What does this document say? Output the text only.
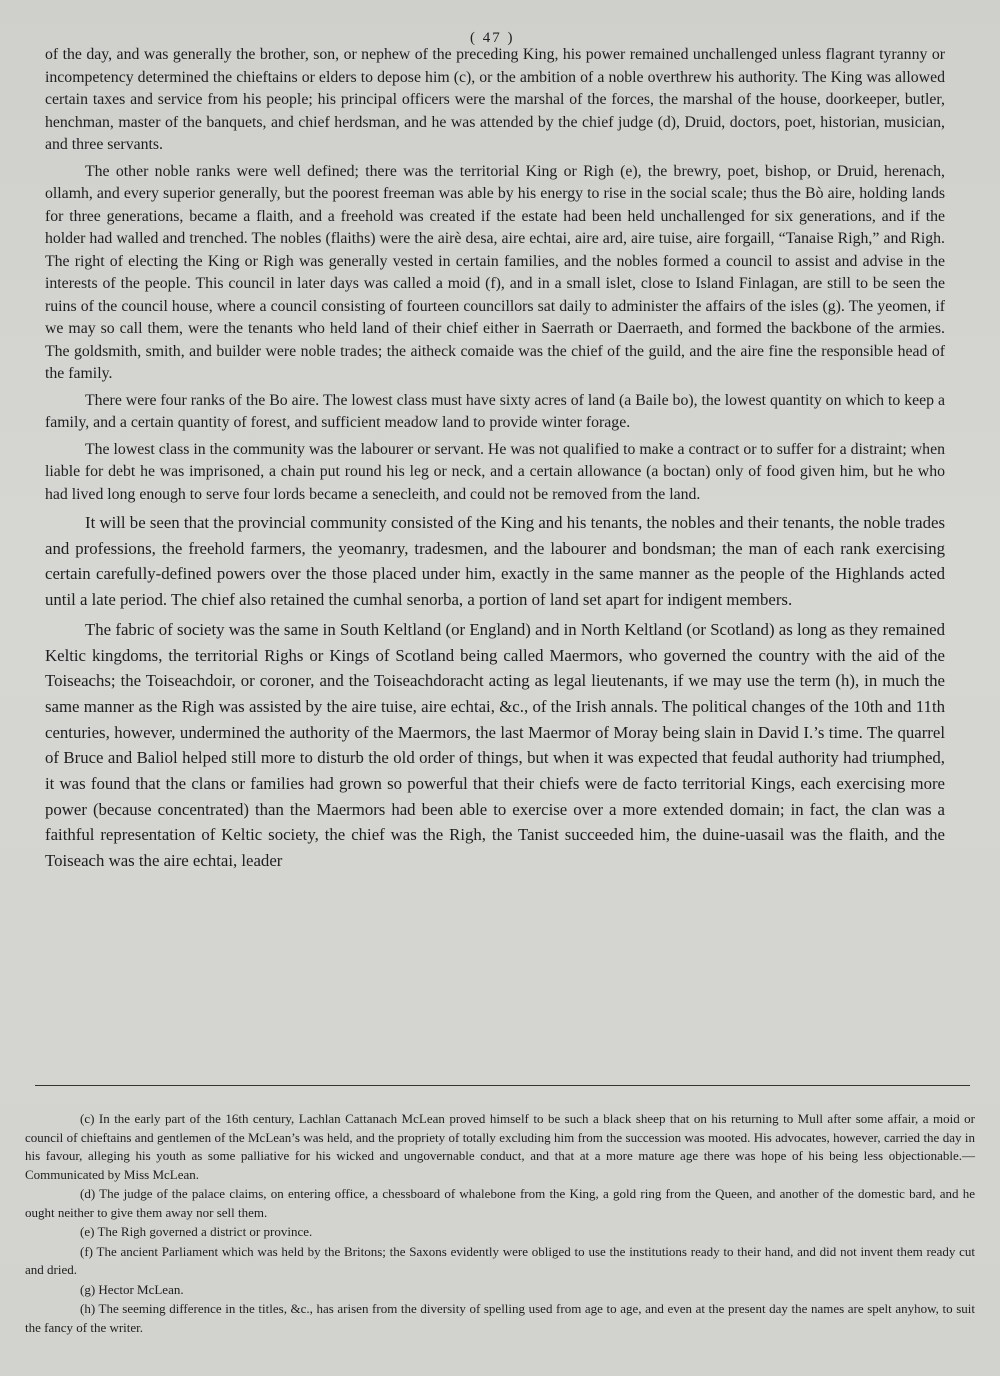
( 47 )

of the day, and was generally the brother, son, or nephew of the preceding King, his power remained unchallenged unless flagrant tyranny or incompetency determined the chieftains or elders to depose him (c), or the ambition of a noble overthrew his authority. The King was allowed certain taxes and service from his people; his principal officers were the marshal of the forces, the marshal of the house, doorkeeper, butler, henchman, master of the banquets, and chief herdsman, and he was attended by the chief judge (d), Druid, doctors, poet, historian, musician, and three servants.

The other noble ranks were well defined; there was the territorial King or Righ (e), the brewry, poet, bishop, or Druid, herenach, ollamh, and every superior generally, but the poorest freeman was able by his energy to rise in the social scale; thus the Bò aire, holding lands for three generations, became a flaith, and a freehold was created if the estate had been held unchallenged for six generations, and if the holder had walled and trenched. The nobles (flaiths) were the airè desa, aire echtai, aire ard, aire tuise, aire forgaill, “Tanaise Righ,” and Righ. The right of electing the King or Righ was generally vested in certain families, and the nobles formed a council to assist and advise in the interests of the people. This council in later days was called a moid (f), and in a small islet, close to Island Finlagan, are still to be seen the ruins of the council house, where a council consisting of fourteen councillors sat daily to administer the affairs of the isles (g). The yeomen, if we may so call them, were the tenants who held land of their chief either in Saerrath or Daerraeth, and formed the backbone of the armies. The goldsmith, smith, and builder were noble trades; the aitheck comaide was the chief of the guild, and the aire fine the responsible head of the family.

There were four ranks of the Bo aire. The lowest class must have sixty acres of land (a Baile bo), the lowest quantity on which to keep a family, and a certain quantity of forest, and sufficient meadow land to provide winter forage.

The lowest class in the community was the labourer or servant. He was not qualified to make a contract or to suffer for a distraint; when liable for debt he was imprisoned, a chain put round his leg or neck, and a certain allowance (a boctan) only of food given him, but he who had lived long enough to serve four lords became a senecleith, and could not be removed from the land.

It will be seen that the provincial community consisted of the King and his tenants, the nobles and their tenants, the noble trades and professions, the freehold farmers, the yeomanry, tradesmen, and the labourer and bondsman; the man of each rank exercising certain carefully-defined powers over the those placed under him, exactly in the same manner as the people of the Highlands acted until a late period. The chief also retained the cumhal senorba, a portion of land set apart for indigent members.

The fabric of society was the same in South Keltland (or England) and in North Keltland (or Scotland) as long as they remained Keltic kingdoms, the territorial Righs or Kings of Scotland being called Maermors, who governed the country with the aid of the Toiseachs; the Toiseachdoir, or coroner, and the Toiseachdoracht acting as legal lieutenants, if we may use the term (h), in much the same manner as the Righ was assisted by the aire tuise, aire echtai, &c., of the Irish annals. The political changes of the 10th and 11th centuries, however, undermined the authority of the Maermors, the last Maermor of Moray being slain in David I.’s time. The quarrel of Bruce and Baliol helped still more to disturb the old order of things, but when it was expected that feudal authority had triumphed, it was found that the clans or families had grown so powerful that their chiefs were de facto territorial Kings, each exercising more power (because concentrated) than the Maermors had been able to exercise over a more extended domain; in fact, the clan was a faithful representation of Keltic society, the chief was the Righ, the Tanist succeeded him, the duine-uasail was the flaith, and the Toiseach was the aire echtai, leader

(c) In the early part of the 16th century, Lachlan Cattanach McLean proved himself to be such a black sheep that on his returning to Mull after some affair, a moid or council of chieftains and gentlemen of the McLean’s was held, and the propriety of totally excluding him from the succession was mooted. His advocates, however, carried the day in his favour, alleging his youth as some palliative for his wicked and ungovernable conduct, and that at a more mature age there was hope of his being less objectionable.—Communicated by Miss McLean.

(d) The judge of the palace claims, on entering office, a chessboard of whalebone from the King, a gold ring from the Queen, and another of the domestic bard, and he ought neither to give them away nor sell them.

(e) The Righ governed a district or province.

(f) The ancient Parliament which was held by the Britons; the Saxons evidently were obliged to use the institutions ready to their hand, and did not invent them ready cut and dried.

(g) Hector McLean.

(h) The seeming difference in the titles, &c., has arisen from the diversity of spelling used from age to age, and even at the present day the names are spelt anyhow, to suit the fancy of the writer.
